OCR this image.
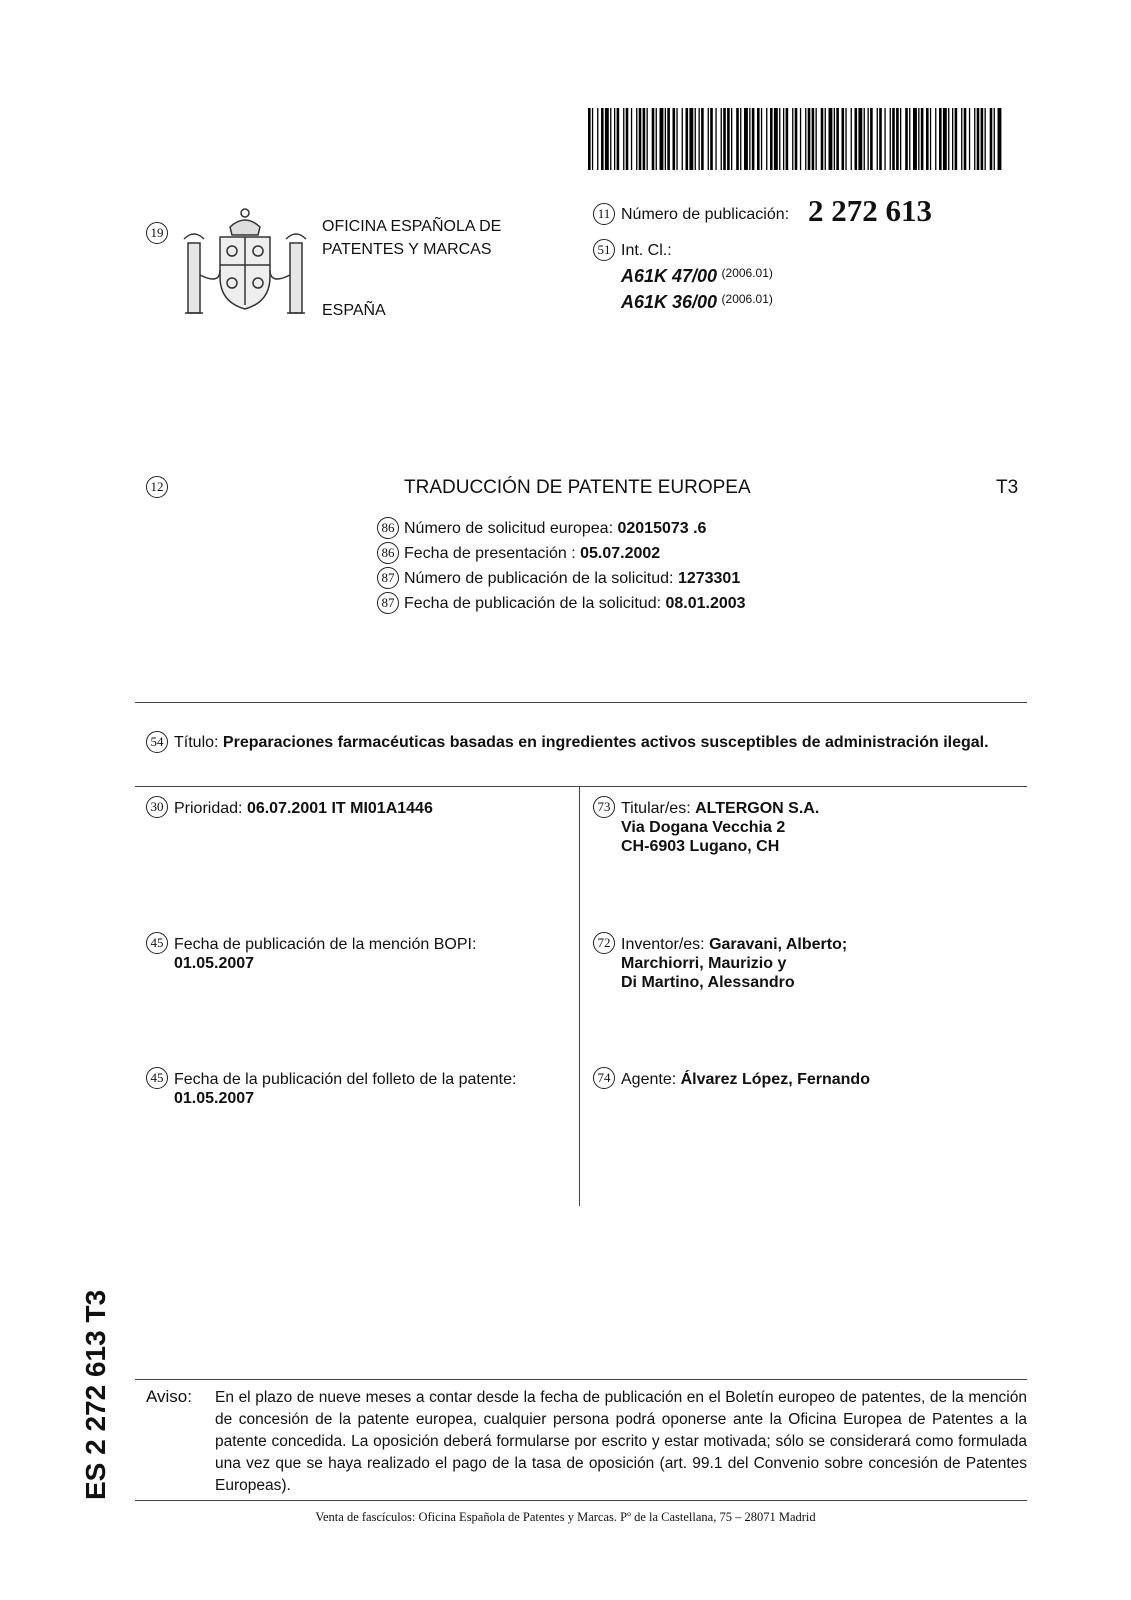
19	OFICINA ESPAÑOLA DE
PATENTES Y MARCAS
ESPAÑA
11 Número de publicación: 2 272 613
51 Int. Cl.:
A61K 47/00 $^{(2006.01)}$
A61K 36/00 $^{(2006.01)}$
12	TRADUCCIÓN DE PATENTE EUROPEA	T3
86 Número de solicitud europea: 02015073 .6
86 Fecha de presentación : 05.07.2002
87 Número de publicación de la solicitud: 1273301
87 Fecha de publicación de la solicitud: 08.01.2003
54 Título: Preparaciones farmacéuticas basadas en ingredientes activos susceptibles de administración ilegal.
30 Prioridad: 06.07.2001 IT MI01A1446
45 Fecha de publicación de la mención BOPI:
01.05.2007
45 Fecha de la publicación del folleto de la patente:
01.05.2007
73 Titular/es: ALTERGON S.A.
Via Dogana Vecchia 2
CH-6903 Lugano, CH
72 Inventor/es: Garavani, Alberto;
Marchiorri, Maurizio y
Di Martino, Alessandro
74 Agente: Álvarez López, Fernando
ES 2 272 613 T3 Aviso: En el plazo de nueve meses a contar desde la fecha de publicación en el Boletín europeo de patentes, de la mención de concesión de la patente europea, cualquier persona podrá oponerse ante la Oficina Europea de Patentes a la patente concedida. La oposición deberá formularse por escrito y estar motivada; sólo se considerará como formulada una vez que se haya realizado el pago de la tasa de oposición (art. 99.1 del Convenio sobre concesión de Patentes Europeas).
Venta de fascículos: Oficina Española de Patentes y Marcas. Pº de la Castellana, 75 – 28071 Madrid
